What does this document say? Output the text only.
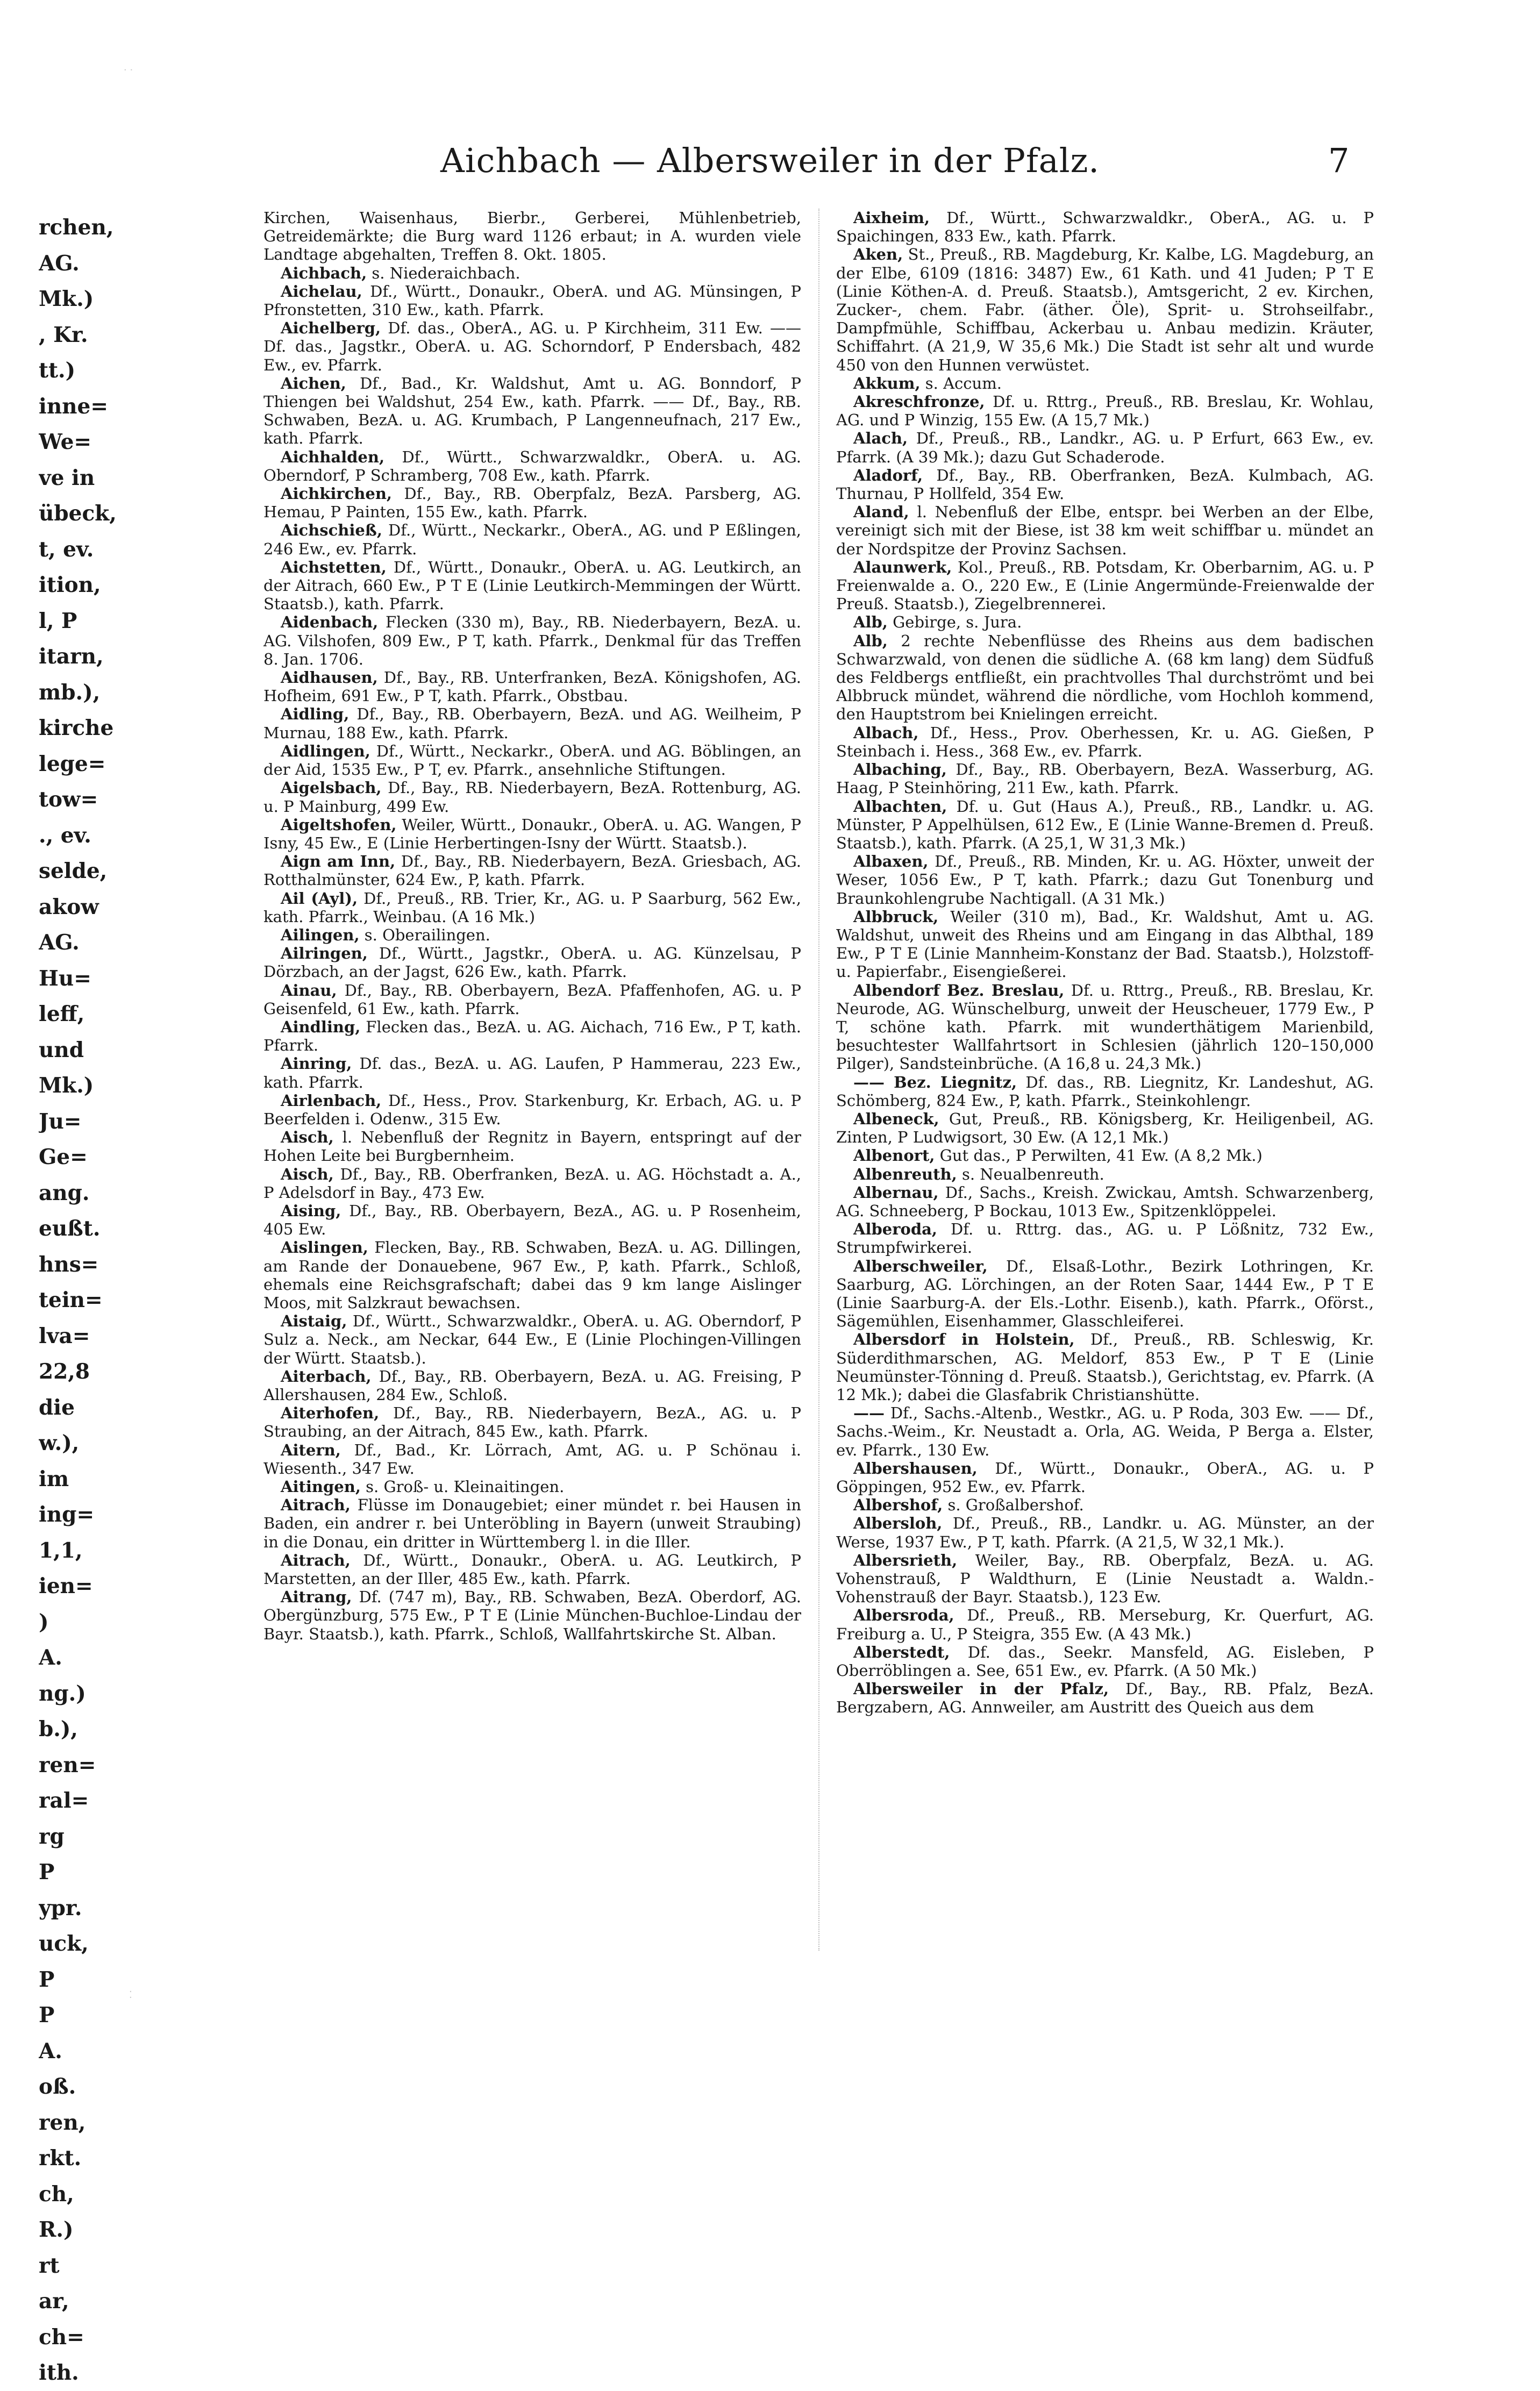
Aichbach — Albersweiler in der Pfalz.	7
rchen,
AG.
Mk.)
, Kr.
tt.)
inne=
We=
ve in
übeck,
t, ev.
ition,
l, P
itarn,
mb.),
kirche
lege=
tow=
., ev.
selde,
akow
AG.
Hu=
leff,
und
Mk.)
Ju=
Ge=
ang.
eußt.
hns=
tein=
lva=
22,8
die
w.),
im
ing=
1,1,
ien=
)
A.
ng.)
b.),
ren=
ral=
rg
P
ypr.
uck,
P
P
A.
oß.
ren,
rkt.
ch,
R.)
rt
ar,
ch=
ith.

Kirchen, Waisenhaus, Bierbr., Gerberei, Mühlenbetrieb, Getreidemärkte; die Burg ward 1126 erbaut; in A. wurden viele Landtage abgehalten, Treffen 8. Okt. 1805.

Aichbach, s. Niederaichbach.

Aichelau, Df., Württ., Donaukr., OberA. und AG. Münsingen, P Pfronstetten, 310 Ew., kath. Pfarrk.

Aichelberg, Df. das., OberA., AG. u. P Kirchheim, 311 Ew. —— Df. das., Jagstkr., OberA. u. AG. Schorndorf, P Endersbach, 482 Ew., ev. Pfarrk.

Aichen, Df., Bad., Kr. Waldshut, Amt u. AG. Bonndorf, P Thiengen bei Waldshut, 254 Ew., kath. Pfarrk. —— Df., Bay., RB. Schwaben, BezA. u. AG. Krumbach, P Langenneufnach, 217 Ew., kath. Pfarrk.

Aichhalden, Df., Württ., Schwarzwaldkr., OberA. u. AG. Oberndorf, P Schramberg, 708 Ew., kath. Pfarrk.

Aichkirchen, Df., Bay., RB. Oberpfalz, BezA. Parsberg, AG. Hemau, P Painten, 155 Ew., kath. Pfarrk.

Aichschieß, Df., Württ., Neckarkr., OberA., AG. und P Eßlingen, 246 Ew., ev. Pfarrk.

Aichstetten, Df., Württ., Donaukr., OberA. u. AG. Leutkirch, an der Aitrach, 660 Ew., P T E (Linie Leutkirch-Memmingen der Württ. Staatsb.), kath. Pfarrk.

Aidenbach, Flecken (330 m), Bay., RB. Niederbayern, BezA. u. AG. Vilshofen, 809 Ew., P T, kath. Pfarrk., Denkmal für das Treffen 8. Jan. 1706.

Aidhausen, Df., Bay., RB. Unterfranken, BezA. Königshofen, AG. Hofheim, 691 Ew., P T, kath. Pfarrk., Obstbau.

Aidling, Df., Bay., RB. Oberbayern, BezA. und AG. Weilheim, P Murnau, 188 Ew., kath. Pfarrk.

Aidlingen, Df., Württ., Neckarkr., OberA. und AG. Böblingen, an der Aid, 1535 Ew., P T, ev. Pfarrk., ansehnliche Stiftungen.

Aigelsbach, Df., Bay., RB. Niederbayern, BezA. Rottenburg, AG. u. P Mainburg, 499 Ew.

Aigeltshofen, Weiler, Württ., Donaukr., OberA. u. AG. Wangen, P Isny, 45 Ew., E (Linie Herbertingen-Isny der Württ. Staatsb.).

Aign am Inn, Df., Bay., RB. Niederbayern, BezA. Griesbach, AG. Rotthalmünster, 624 Ew., P, kath. Pfarrk.

Ail (Ayl), Df., Preuß., RB. Trier, Kr., AG. u. P Saarburg, 562 Ew., kath. Pfarrk., Weinbau. (A 16 Mk.)

Ailingen, s. Oberailingen.

Ailringen, Df., Württ., Jagstkr., OberA. u. AG. Künzelsau, P Dörzbach, an der Jagst, 626 Ew., kath. Pfarrk.

Ainau, Df., Bay., RB. Oberbayern, BezA. Pfaffenhofen, AG. u. P Geisenfeld, 61 Ew., kath. Pfarrk.

Aindling, Flecken das., BezA. u. AG. Aichach, 716 Ew., P T, kath. Pfarrk.

Ainring, Df. das., BezA. u. AG. Laufen, P Hammerau, 223 Ew., kath. Pfarrk.

Airlenbach, Df., Hess., Prov. Starkenburg, Kr. Erbach, AG. u. P Beerfelden i. Odenw., 315 Ew.

Aisch, l. Nebenfluß der Regnitz in Bayern, entspringt auf der Hohen Leite bei Burgbernheim.

Aisch, Df., Bay., RB. Oberfranken, BezA. u. AG. Höchstadt a. A., P Adelsdorf in Bay., 473 Ew.

Aising, Df., Bay., RB. Oberbayern, BezA., AG. u. P Rosenheim, 405 Ew.

Aislingen, Flecken, Bay., RB. Schwaben, BezA. u. AG. Dillingen, am Rande der Donauebene, 967 Ew., P, kath. Pfarrk., Schloß, ehemals eine Reichsgrafschaft; dabei das 9 km lange Aislinger Moos, mit Salzkraut bewachsen.

Aistaig, Df., Württ., Schwarzwaldkr., OberA. u. AG. Oberndorf, P Sulz a. Neck., am Neckar, 644 Ew., E (Linie Plochingen-Villingen der Württ. Staatsb.).

Aiterbach, Df., Bay., RB. Oberbayern, BezA. u. AG. Freising, P Allershausen, 284 Ew., Schloß.

Aiterhofen, Df., Bay., RB. Niederbayern, BezA., AG. u. P Straubing, an der Aitrach, 845 Ew., kath. Pfarrk.

Aitern, Df., Bad., Kr. Lörrach, Amt, AG. u. P Schönau i. Wiesenth., 347 Ew.

Aitingen, s. Groß- u. Kleinaitingen.

Aitrach, Flüsse im Donaugebiet; einer mündet r. bei Hausen in Baden, ein andrer r. bei Unteröbling in Bayern (unweit Straubing) in die Donau, ein dritter in Württemberg l. in die Iller.

Aitrach, Df., Württ., Donaukr., OberA. u. AG. Leutkirch, P Marstetten, an der Iller, 485 Ew., kath. Pfarrk.

Aitrang, Df. (747 m), Bay., RB. Schwaben, BezA. Oberdorf, AG. Obergünzburg, 575 Ew., P T E (Linie München-Buchloe-Lindau der Bayr. Staatsb.), kath. Pfarrk., Schloß, Wallfahrtskirche St. Alban.

Aixheim, Df., Württ., Schwarzwaldkr., OberA., AG. u. P Spaichingen, 833 Ew., kath. Pfarrk.

Aken, St., Preuß., RB. Magdeburg, Kr. Kalbe, LG. Magdeburg, an der Elbe, 6109 (1816: 3487) Ew., 61 Kath. und 41 Juden; P T E (Linie Köthen-A. d. Preuß. Staatsb.), Amtsgericht, 2 ev. Kirchen, Zucker-, chem. Fabr. (äther. Öle), Sprit- u. Strohseilfabr., Dampfmühle, Schiffbau, Ackerbau u. Anbau medizin. Kräuter, Schiffahrt. (A 21,9, W 35,6 Mk.) Die Stadt ist sehr alt und wurde 450 von den Hunnen verwüstet.

Akkum, s. Accum.

Akreschfronze, Df. u. Rttrg., Preuß., RB. Breslau, Kr. Wohlau, AG. und P Winzig, 155 Ew. (A 15,7 Mk.)

Alach, Df., Preuß., RB., Landkr., AG. u. P Erfurt, 663 Ew., ev. Pfarrk. (A 39 Mk.); dazu Gut Schaderode.

Aladorf, Df., Bay., RB. Oberfranken, BezA. Kulmbach, AG. Thurnau, P Hollfeld, 354 Ew.

Aland, l. Nebenfluß der Elbe, entspr. bei Werben an der Elbe, vereinigt sich mit der Biese, ist 38 km weit schiffbar u. mündet an der Nordspitze der Provinz Sachsen.

Alaunwerk, Kol., Preuß., RB. Potsdam, Kr. Oberbarnim, AG. u. P Freienwalde a. O., 220 Ew., E (Linie Angermünde-Freienwalde der Preuß. Staatsb.), Ziegelbrennerei.

Alb, Gebirge, s. Jura.

Alb, 2 rechte Nebenflüsse des Rheins aus dem badischen Schwarzwald, von denen die südliche A. (68 km lang) dem Südfuß des Feldbergs entfließt, ein prachtvolles Thal durchströmt und bei Albbruck mündet, während die nördliche, vom Hochloh kommend, den Hauptstrom bei Knielingen erreicht.

Albach, Df., Hess., Prov. Oberhessen, Kr. u. AG. Gießen, P Steinbach i. Hess., 368 Ew., ev. Pfarrk.

Albaching, Df., Bay., RB. Oberbayern, BezA. Wasserburg, AG. Haag, P Steinhöring, 211 Ew., kath. Pfarrk.

Albachten, Df. u. Gut (Haus A.), Preuß., RB., Landkr. u. AG. Münster, P Appelhülsen, 612 Ew., E (Linie Wanne-Bremen d. Preuß. Staatsb.), kath. Pfarrk. (A 25,1, W 31,3 Mk.)

Albaxen, Df., Preuß., RB. Minden, Kr. u. AG. Höxter, unweit der Weser, 1056 Ew., P T, kath. Pfarrk.; dazu Gut Tonenburg und Braunkohlengrube Nachtigall. (A 31 Mk.)

Albbruck, Weiler (310 m), Bad., Kr. Waldshut, Amt u. AG. Waldshut, unweit des Rheins und am Eingang in das Albthal, 189 Ew., P T E (Linie Mannheim-Konstanz der Bad. Staatsb.), Holzstoff- u. Papierfabr., Eisengießerei.

Albendorf Bez. Breslau, Df. u. Rttrg., Preuß., RB. Breslau, Kr. Neurode, AG. Wünschelburg, unweit der Heuscheuer, 1779 Ew., P T, schöne kath. Pfarrk. mit wunderthätigem Marienbild, besuchtester Wallfahrtsort in Schlesien (jährlich 120–150,000 Pilger), Sandsteinbrüche. (A 16,8 u. 24,3 Mk.)

—— Bez. Liegnitz, Df. das., RB. Liegnitz, Kr. Landeshut, AG. Schömberg, 824 Ew., P, kath. Pfarrk., Steinkohlengr.

Albeneck, Gut, Preuß., RB. Königsberg, Kr. Heiligenbeil, AG. Zinten, P Ludwigsort, 30 Ew. (A 12,1 Mk.)

Albenort, Gut das., P Perwilten, 41 Ew. (A 8,2 Mk.)

Albenreuth, s. Neualbenreuth.

Albernau, Df., Sachs., Kreish. Zwickau, Amtsh. Schwarzenberg, AG. Schneeberg, P Bockau, 1013 Ew., Spitzenklöppelei.

Alberoda, Df. u. Rttrg. das., AG. u. P Lößnitz, 732 Ew., Strumpfwirkerei.

Alberschweiler, Df., Elsaß-Lothr., Bezirk Lothringen, Kr. Saarburg, AG. Lörchingen, an der Roten Saar, 1444 Ew., P T E (Linie Saarburg-A. der Els.-Lothr. Eisenb.), kath. Pfarrk., Oförst., Sägemühlen, Eisenhammer, Glasschleiferei.

Albersdorf in Holstein, Df., Preuß., RB. Schleswig, Kr. Süderdithmarschen, AG. Meldorf, 853 Ew., P T E (Linie Neumünster-Tönning d. Preuß. Staatsb.), Gerichtstag, ev. Pfarrk. (A 12 Mk.); dabei die Glasfabrik Christianshütte.

—— Df., Sachs.-Altenb., Westkr., AG. u. P Roda, 303 Ew. —— Df., Sachs.-Weim., Kr. Neustadt a. Orla, AG. Weida, P Berga a. Elster, ev. Pfarrk., 130 Ew.

Albershausen, Df., Württ., Donaukr., OberA., AG. u. P Göppingen, 952 Ew., ev. Pfarrk.

Albershof, s. Großalbershof.

Albersloh, Df., Preuß., RB., Landkr. u. AG. Münster, an der Werse, 1937 Ew., P T, kath. Pfarrk. (A 21,5, W 32,1 Mk.).

Albersrieth, Weiler, Bay., RB. Oberpfalz, BezA. u. AG. Vohenstrauß, P Waldthurn, E (Linie Neustadt a. Waldn.-Vohenstrauß der Bayr. Staatsb.), 123 Ew.

Albersroda, Df., Preuß., RB. Merseburg, Kr. Querfurt, AG. Freiburg a. U., P Steigra, 355 Ew. (A 43 Mk.)

Alberstedt, Df. das., Seekr. Mansfeld, AG. Eisleben, P Oberröblingen a. See, 651 Ew., ev. Pfarrk. (A 50 Mk.)

Albersweiler in der Pfalz, Df., Bay., RB. Pfalz, BezA. Bergzabern, AG. Annweiler, am Austritt des Queich aus dem

· ·
⁚
